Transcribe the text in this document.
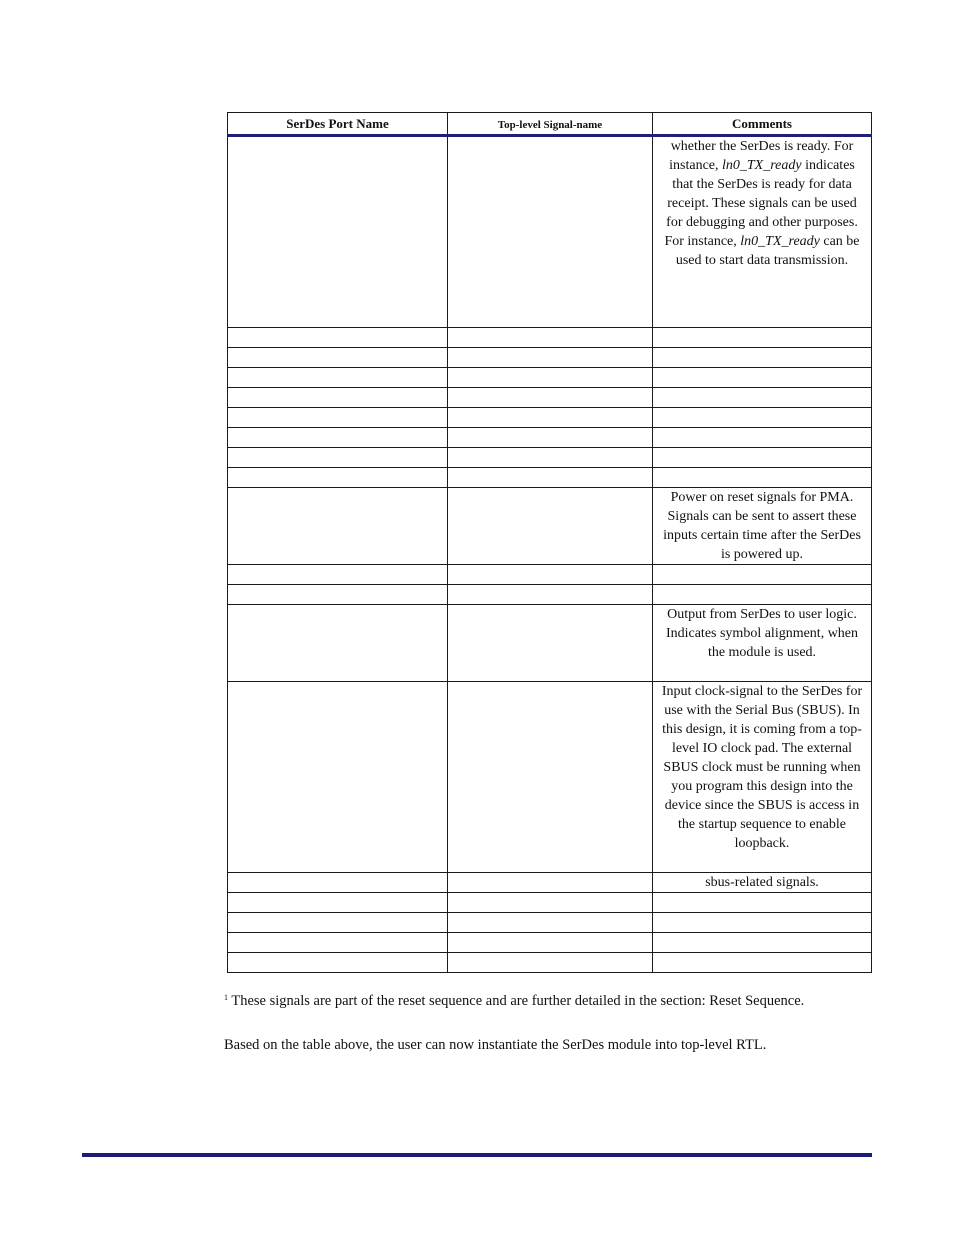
SerDes Port Name	Top-level Signal-name	Comments
		whether the SerDes is ready. For instance, ln0_TX_ready indicates that the SerDes is ready for data receipt. These signals can be used for debugging and other purposes. For instance, ln0_TX_ready can be used to start data transmission.

		Power on reset signals for PMA. Signals can be sent to assert these inputs certain time after the SerDes is powered up.

		Output from SerDes to user logic. Indicates symbol alignment, when the module is used.
		Input clock-signal to the SerDes for use with the Serial Bus (SBUS). In this design, it is coming from a top-level IO clock pad. The external SBUS clock must be running when you program this design into the device since the SBUS is access in the startup sequence to enable loopback.
		sbus-related signals.

$^1$ These signals are part of the reset sequence and are further detailed in the section: Reset Sequence.
Based on the table above, the user can now instantiate the SerDes module into top-level RTL.
